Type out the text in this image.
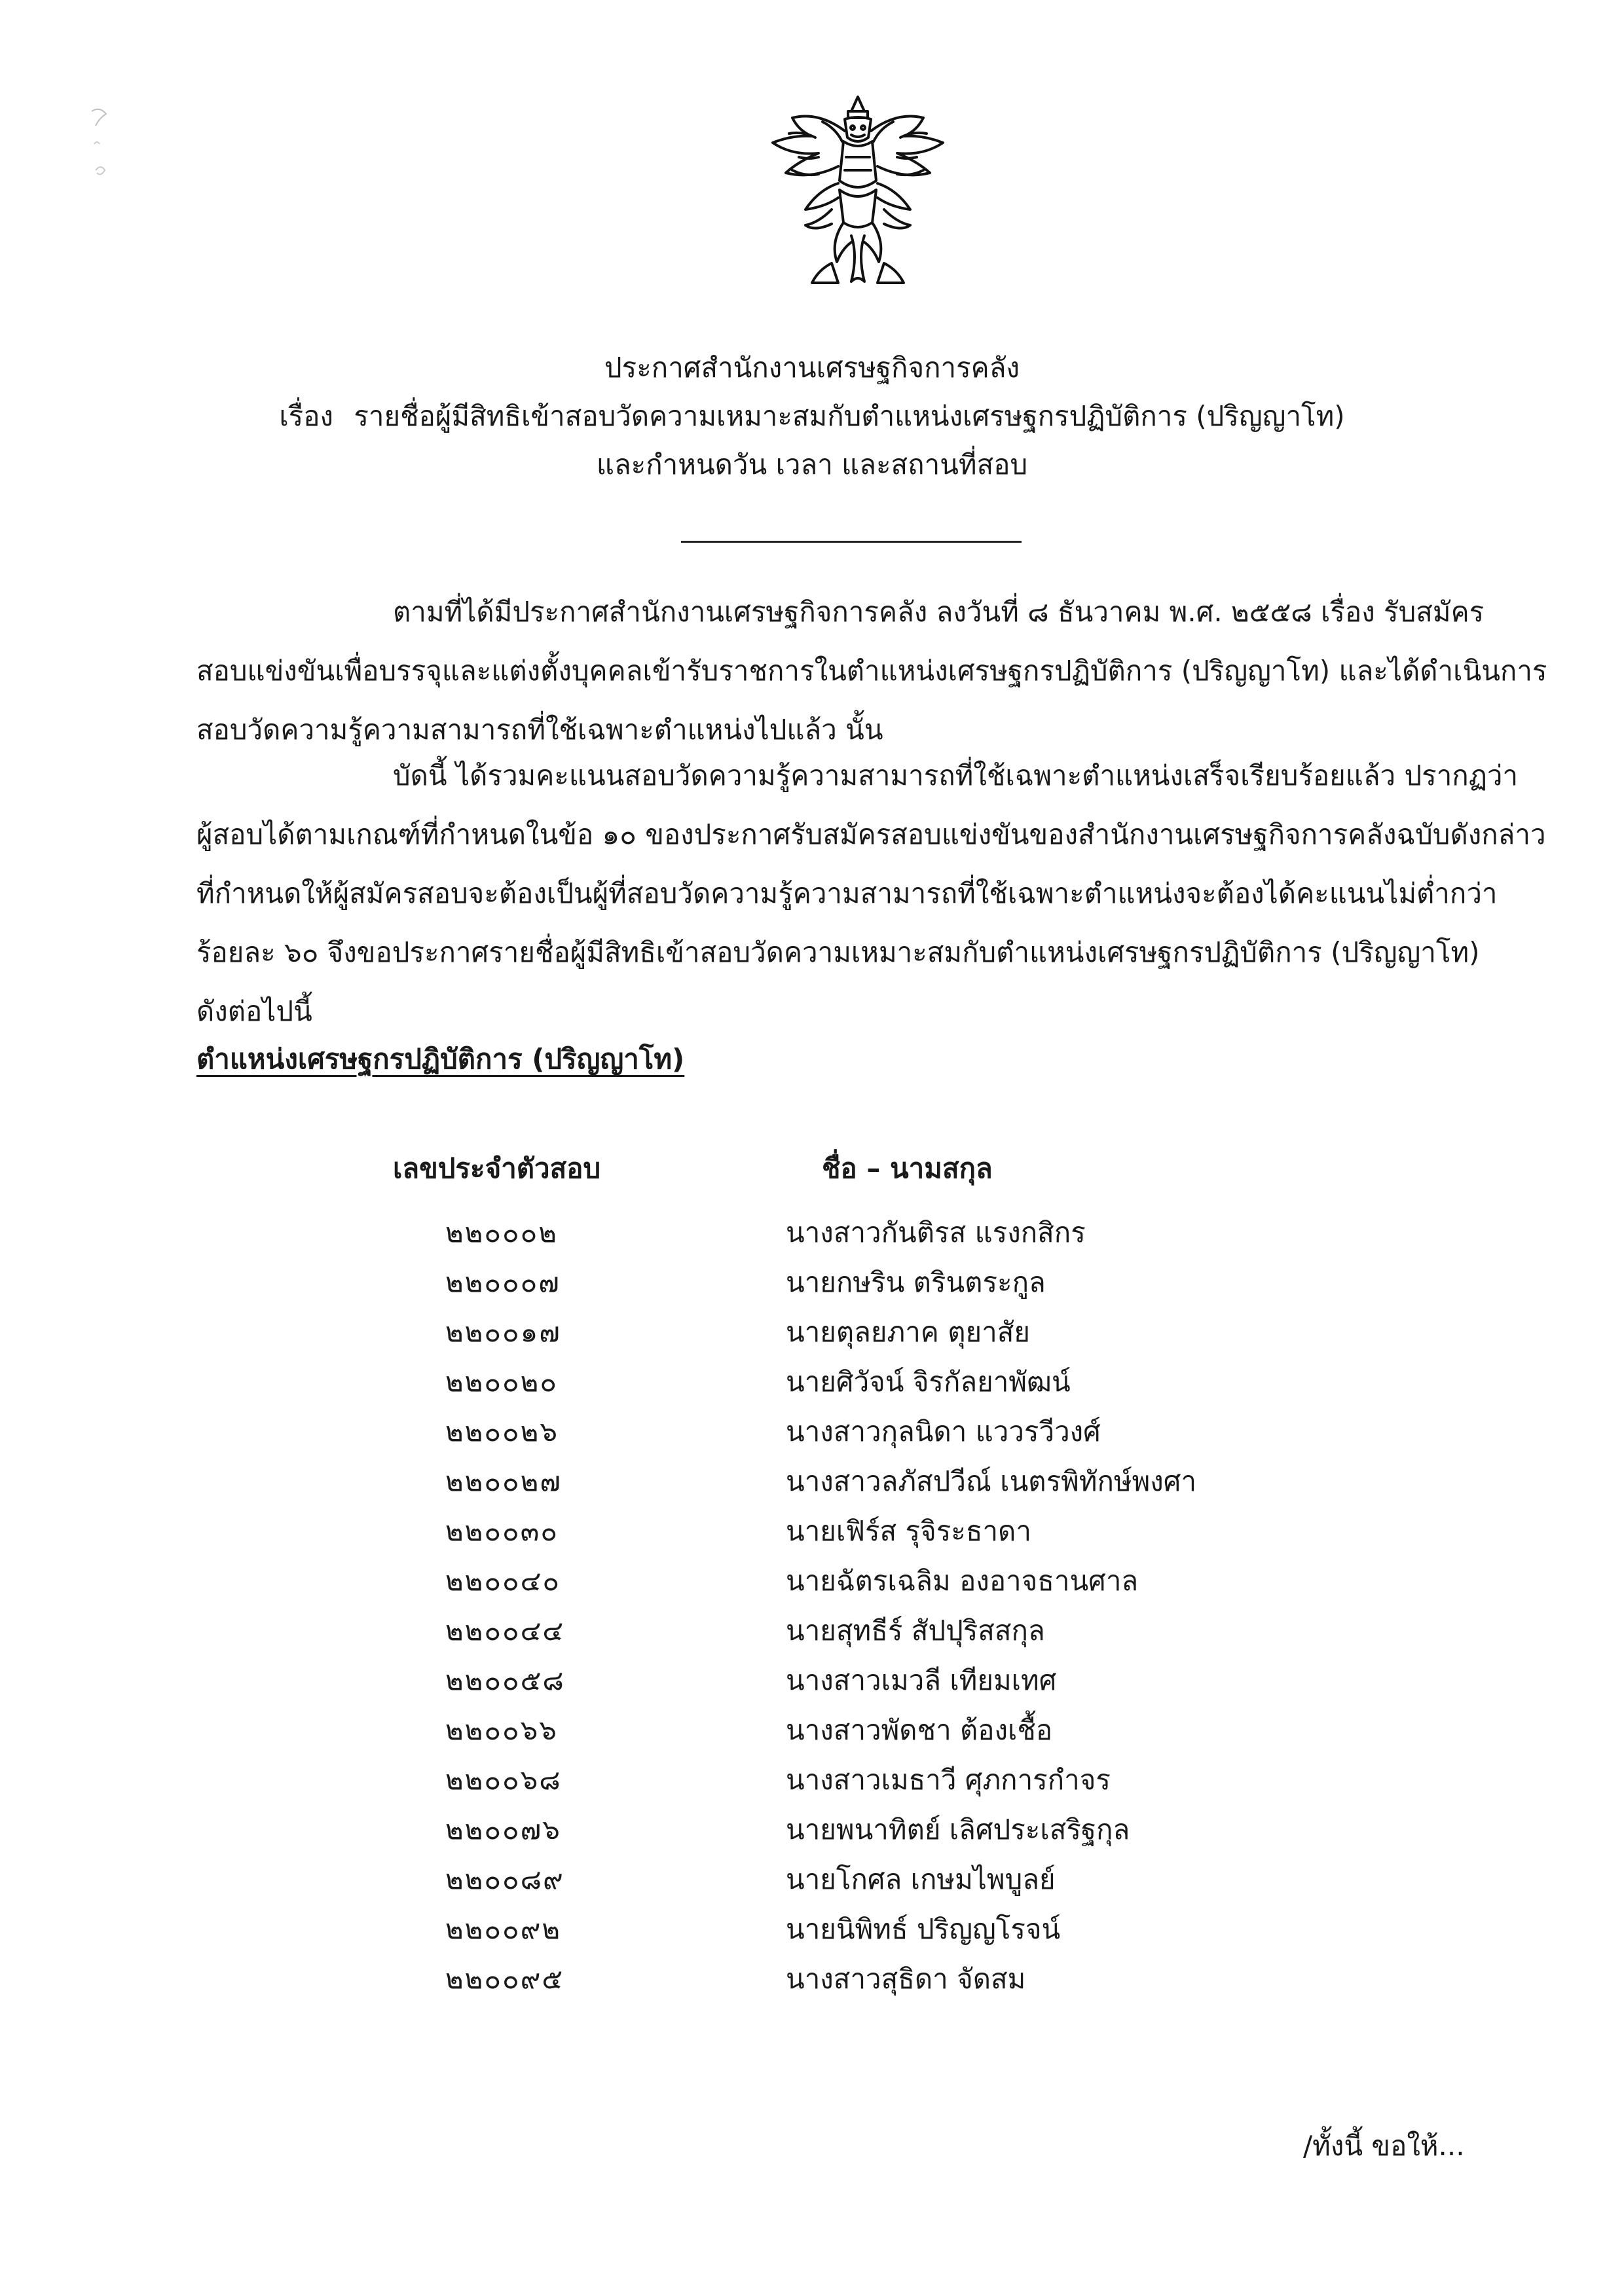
ประกาศสำนักงานเศรษฐกิจการคลัง
เรื่อง รายชื่อผู้มีสิทธิเข้าสอบวัดความเหมาะสมกับตำแหน่งเศรษฐกรปฏิบัติการ (ปริญญาโท)
และกำหนดวัน เวลา และสถานที่สอบ
ตามที่ได้มีประกาศสำนักงานเศรษฐกิจการคลัง ลงวันที่ ๘ ธันวาคม พ.ศ. ๒๕๕๘ เรื่อง รับสมัคร
สอบแข่งขันเพื่อบรรจุและแต่งตั้งบุคคลเข้ารับราชการในตำแหน่งเศรษฐกรปฏิบัติการ (ปริญญาโท) และได้ดำเนินการ
สอบวัดความรู้ความสามารถที่ใช้เฉพาะตำแหน่งไปแล้ว นั้น
บัดนี้ ได้รวมคะแนนสอบวัดความรู้ความสามารถที่ใช้เฉพาะตำแหน่งเสร็จเรียบร้อยแล้ว ปรากฏว่า
ผู้สอบได้ตามเกณฑ์ที่กำหนดในข้อ ๑๐ ของประกาศรับสมัครสอบแข่งขันของสำนักงานเศรษฐกิจการคลังฉบับดังกล่าว
ที่กำหนดให้ผู้สมัครสอบจะต้องเป็นผู้ที่สอบวัดความรู้ความสามารถที่ใช้เฉพาะตำแหน่งจะต้องได้คะแนนไม่ต่ำกว่า
ร้อยละ ๖๐ จึงขอประกาศรายชื่อผู้มีสิทธิเข้าสอบวัดความเหมาะสมกับตำแหน่งเศรษฐกรปฏิบัติการ (ปริญญาโท)
ดังต่อไปนี้
ตำแหน่งเศรษฐกรปฏิบัติการ (ปริญญาโท)
เลขประจำตัวสอบ	ชื่อ – นามสกุล
๒๒๐๐๐๒	นางสาวกันติรส แรงกสิกร
๒๒๐๐๐๗	นายกษริน ตรินตระกูล
๒๒๐๐๑๗	นายตุลยภาค ตุยาสัย
๒๒๐๐๒๐	นายศิวัจน์ จิรกัลยาพัฒน์
๒๒๐๐๒๖	นางสาวกุลนิดา แววรวีวงศ์
๒๒๐๐๒๗	นางสาวลภัสปวีณ์ เนตรพิทักษ์พงศา
๒๒๐๐๓๐	นายเฟิร์ส รุจิระธาดา
๒๒๐๐๔๐	นายฉัตรเฉลิม องอาจธานศาล
๒๒๐๐๔๔	นายสุทธีร์ สัปปุริสสกุล
๒๒๐๐๕๘	นางสาวเมวลี เทียมเทศ
๒๒๐๐๖๖	นางสาวพัดชา ต้องเชื้อ
๒๒๐๐๖๘	นางสาวเมธาวี ศุภการกำจร
๒๒๐๐๗๖	นายพนาทิตย์ เลิศประเสริฐกุล
๒๒๐๐๘๙	นายโกศล เกษมไพบูลย์
๒๒๐๐๙๒	นายนิพิทธ์ ปริญญโรจน์
๒๒๐๐๙๕	นางสาวสุธิดา จัดสม
/ทั้งนี้ ขอให้...
